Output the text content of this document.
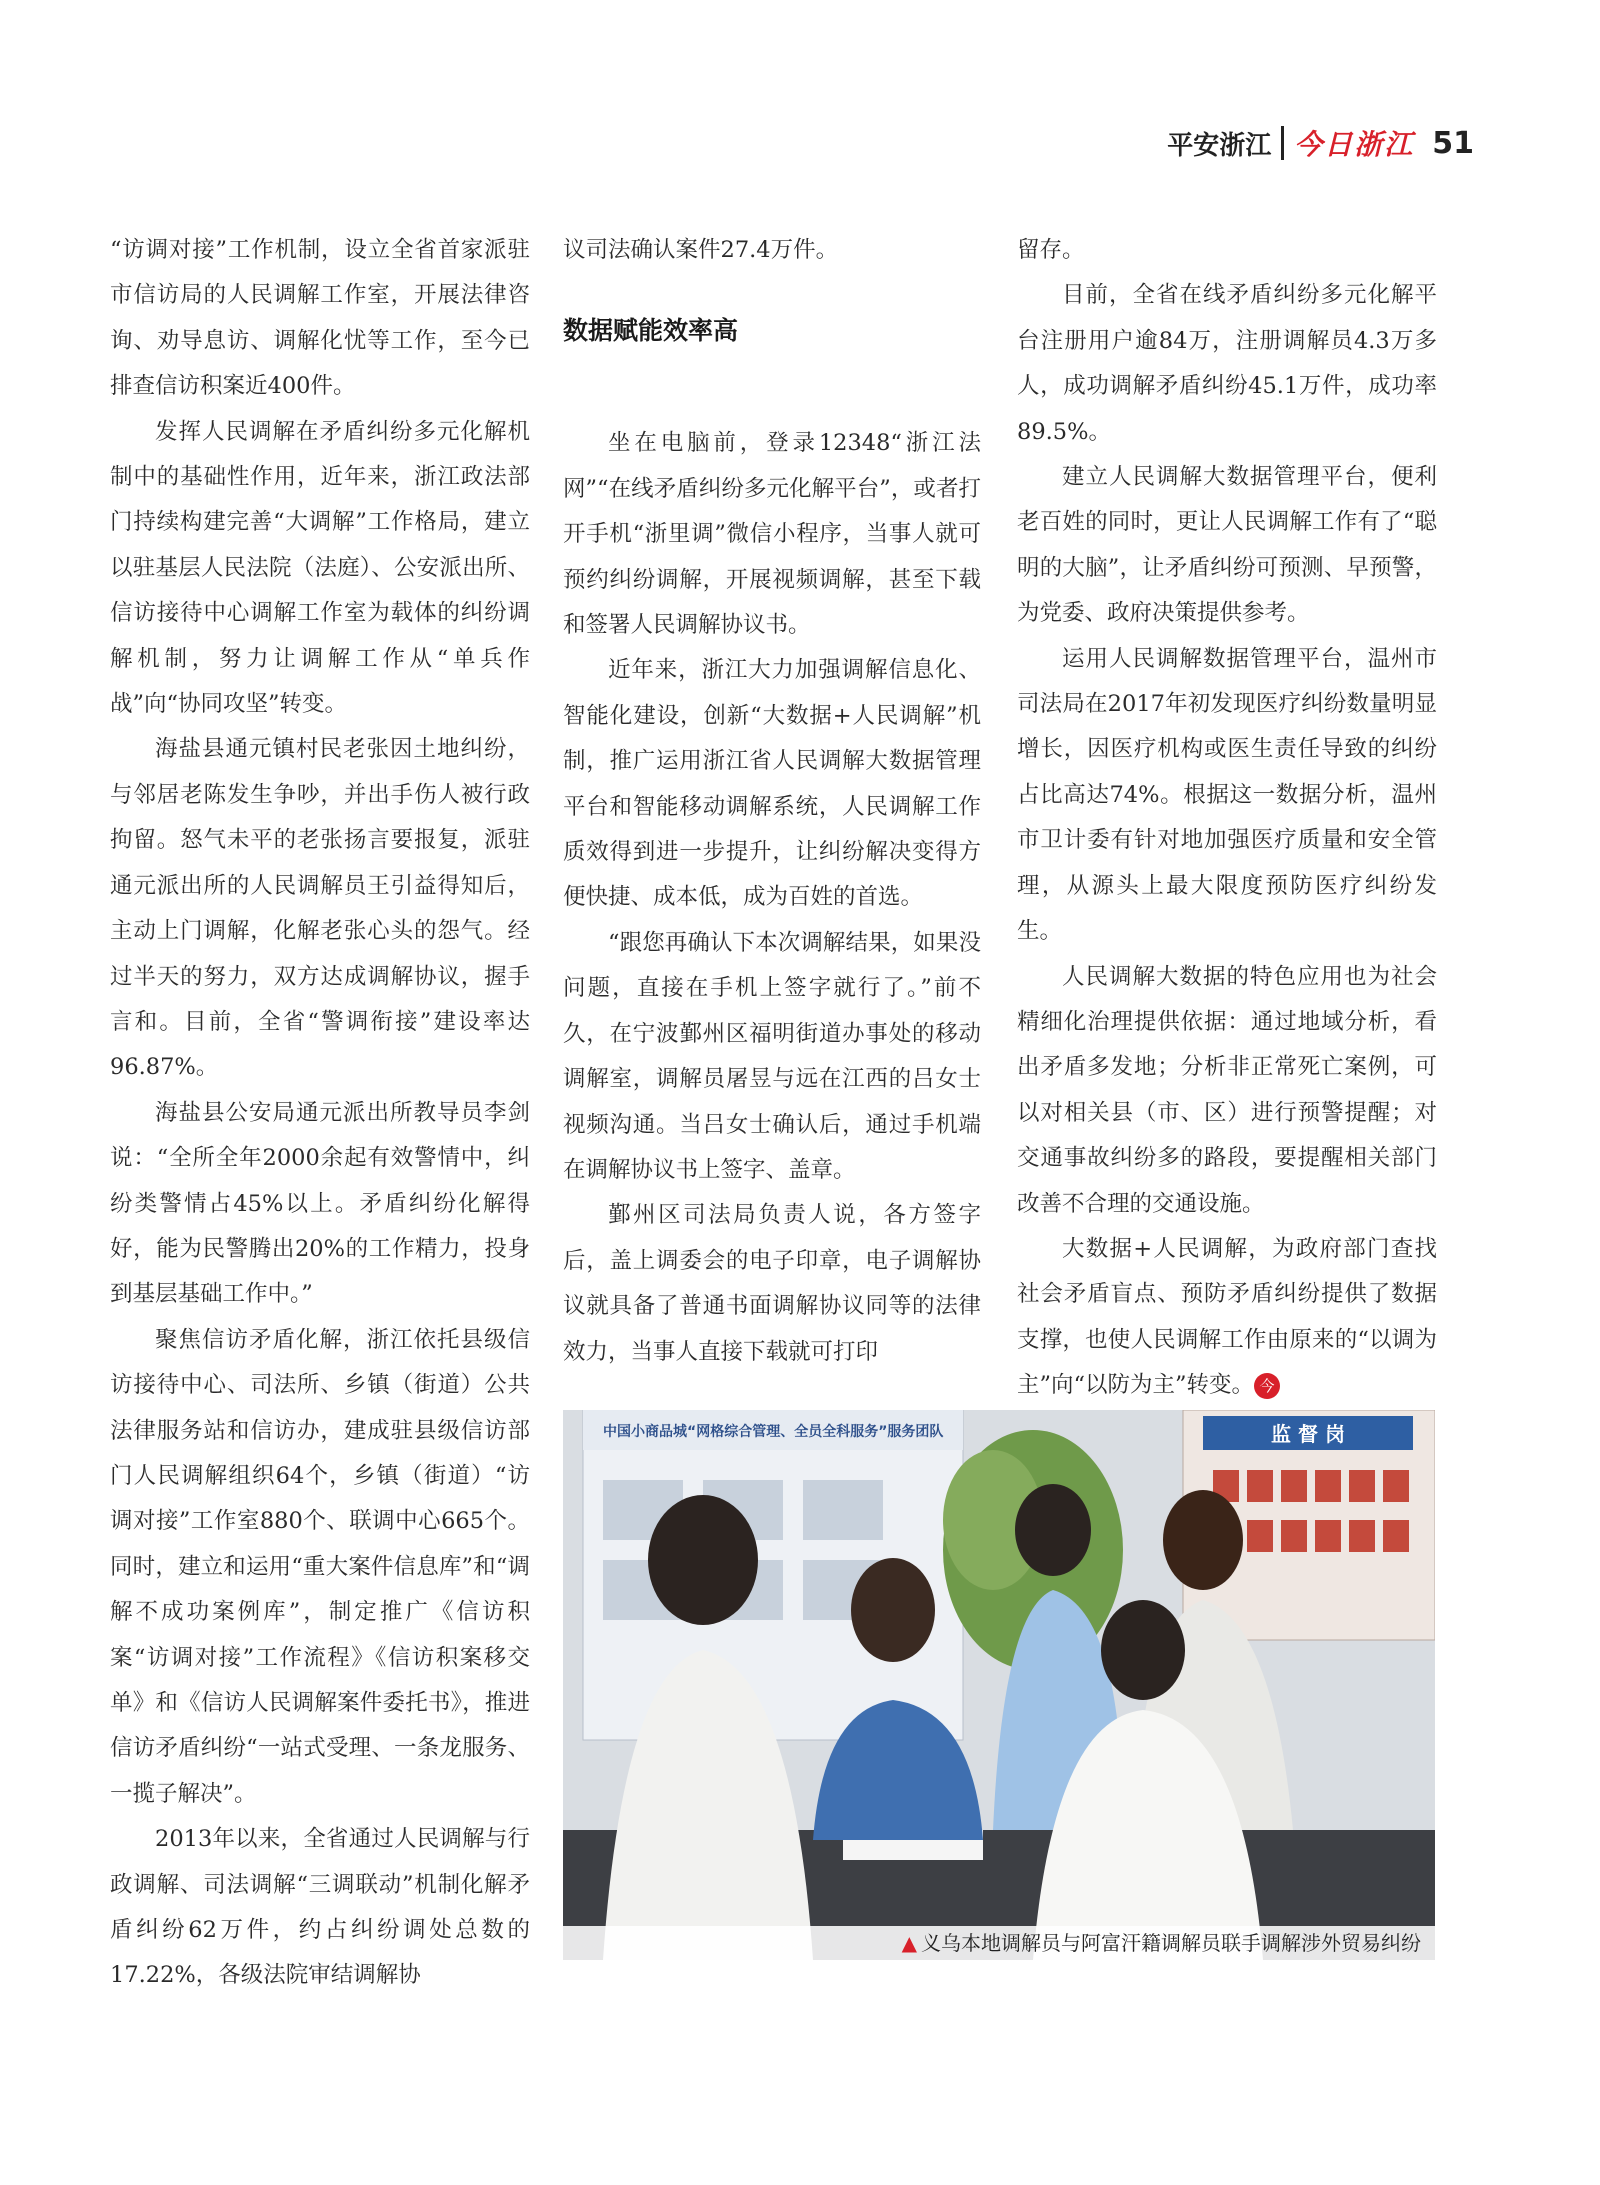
平安浙江 今日浙江 51

“访调对接”工作机制，设立全省首家派驻市信访局的人民调解工作室，开展法律咨询、劝导息访、调解化忧等工作，至今已排查信访积案近400件。

发挥人民调解在矛盾纠纷多元化解机制中的基础性作用，近年来，浙江政法部门持续构建完善“大调解”工作格局，建立以驻基层人民法院（法庭）、公安派出所、信访接待中心调解工作室为载体的纠纷调解机制，努力让调解工作从“单兵作战”向“协同攻坚”转变。

海盐县通元镇村民老张因土地纠纷，与邻居老陈发生争吵，并出手伤人被行政拘留。怒气未平的老张扬言要报复，派驻通元派出所的人民调解员王引益得知后，主动上门调解，化解老张心头的怨气。经过半天的努力，双方达成调解协议，握手言和。目前，全省“警调衔接”建设率达96.87%。

海盐县公安局通元派出所教导员李剑说：“全所全年2000余起有效警情中，纠纷类警情占45%以上。矛盾纠纷化解得好，能为民警腾出20%的工作精力，投身到基层基础工作中。”

聚焦信访矛盾化解，浙江依托县级信访接待中心、司法所、乡镇（街道）公共法律服务站和信访办，建成驻县级信访部门人民调解组织64个，乡镇（街道）“访调对接”工作室880个、联调中心665个。同时，建立和运用“重大案件信息库”和“调解不成功案例库”，制定推广《信访积案“访调对接”工作流程》《信访积案移交单》和《信访人民调解案件委托书》，推进信访矛盾纠纷“一站式受理、一条龙服务、一揽子解决”。

2013年以来，全省通过人民调解与行政调解、司法调解“三调联动”机制化解矛盾纠纷62万件，约占纠纷调处总数的17.22%，各级法院审结调解协

议司法确认案件27.4万件。

数据赋能效率高

坐在电脑前，登录12348“浙江法网”“在线矛盾纠纷多元化解平台”，或者打开手机“浙里调”微信小程序，当事人就可预约纠纷调解，开展视频调解，甚至下载和签署人民调解协议书。

近年来，浙江大力加强调解信息化、智能化建设，创新“大数据+人民调解”机制，推广运用浙江省人民调解大数据管理平台和智能移动调解系统，人民调解工作质效得到进一步提升，让纠纷解决变得方便快捷、成本低，成为百姓的首选。

“跟您再确认下本次调解结果，如果没问题，直接在手机上签字就行了。”前不久，在宁波鄞州区福明街道办事处的移动调解室，调解员屠昱与远在江西的吕女士视频沟通。当吕女士确认后，通过手机端在调解协议书上签字、盖章。

鄞州区司法局负责人说，各方签字后，盖上调委会的电子印章，电子调解协议就具备了普通书面调解协议同等的法律效力，当事人直接下载就可打印

留存。

目前，全省在线矛盾纠纷多元化解平台注册用户逾84万，注册调解员4.3万多人，成功调解矛盾纠纷45.1万件，成功率89.5%。

建立人民调解大数据管理平台，便利老百姓的同时，更让人民调解工作有了“聪明的大脑”，让矛盾纠纷可预测、早预警，为党委、政府决策提供参考。

运用人民调解数据管理平台，温州市司法局在2017年初发现医疗纠纷数量明显增长，因医疗机构或医生责任导致的纠纷占比高达74%。根据这一数据分析，温州市卫计委有针对地加强医疗质量和安全管理，从源头上最大限度预防医疗纠纷发生。

人民调解大数据的特色应用也为社会精细化治理提供依据：通过地域分析，看出矛盾多发地；分析非正常死亡案例，可以对相关县（市、区）进行预警提醒；对交通事故纠纷多的路段，要提醒相关部门改善不合理的交通设施。

大数据+人民调解，为政府部门查找社会矛盾盲点、预防矛盾纠纷提供了数据支撑，也使人民调解工作由原来的“以调为主”向“以防为主”转变。 今

中国小商品城“网格综合管理、全员全科服务”服务团队	监 督 岗
▲ 义乌本地调解员与阿富汗籍调解员联手调解涉外贸易纠纷
